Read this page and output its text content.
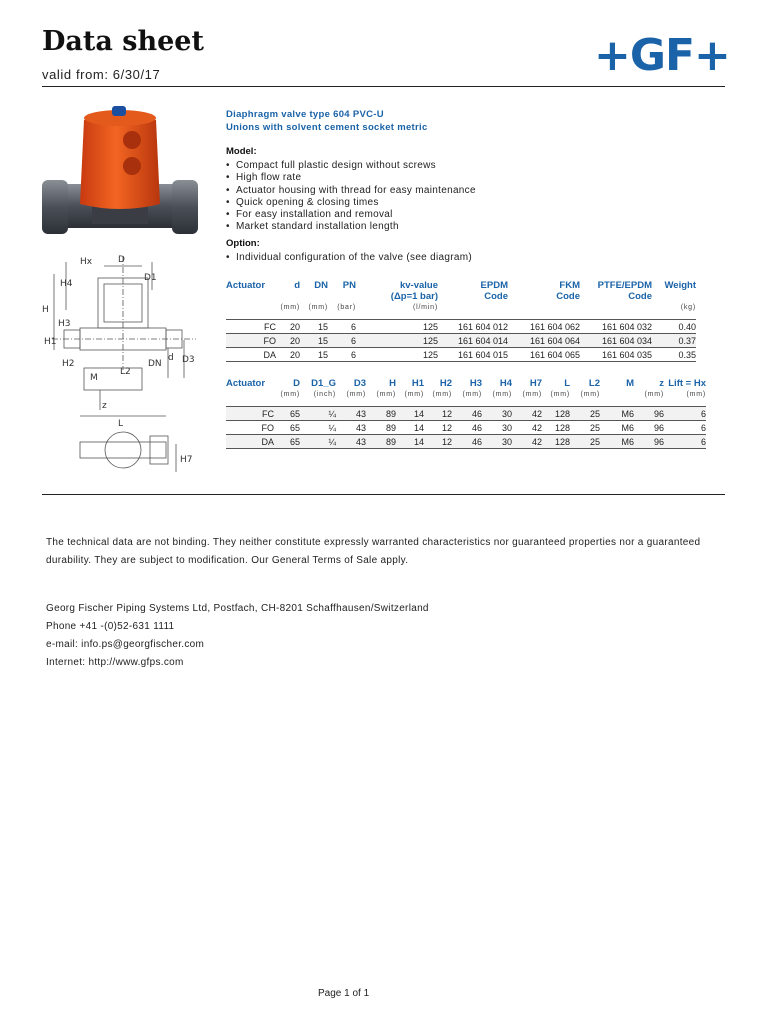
Data sheet
valid from: 6/30/17	+GF+
Hx	D
D1
H4
H
H3
H1
H2
L2
DN
d D3
M
z
L
H7
Diaphragm valve type 604 PVC-U
Unions with solvent cement socket metric
Model:
• Compact full plastic design without screws
• High flow rate
• Actuator housing with thread for easy maintenance
• Quick opening & closing times
• For easy installation and removal
• Market standard installation length
Option:
• Individual configuration of the valve (see diagram)
Actuator	d	DN	PN	kv-value	EPDM	FKM	PTFE/EPDM	Weight
				(Δp=1 bar)	Code	Code	Code	
	(mm)	(mm)	(bar)	(l/min)				(kg)

FC	20	15	6	125	161 604 012	161 604 062	161 604 032	0.40
FO	20	15	6	125	161 604 014	161 604 064	161 604 034	0.37
DA	20	15	6	125	161 604 015	161 604 065	161 604 035	0.35
Actuator	D	D1_G	D3	H	H1	H2	H3	H4	H7	L	L2	M	z	Lift = Hx
	(mm)	(inch)	(mm)	(mm)	(mm)	(mm)	(mm)	(mm)	(mm)	(mm)	(mm)		(mm)	(mm)

FC	65	¼	43	89	14	12	46	30	42	128	25	M6	96	6
FO	65	¼	43	89	14	12	46	30	42	128	25	M6	96	6
DA	65	¼	43	89	14	12	46	30	42	128	25	M6	96	6
The technical data are not binding. They neither constitute expressly warranted characteristics nor guaranteed properties nor a guaranteed durability. They are subject to modification. Our General Terms of Sale apply.
Georg Fischer Piping Systems Ltd, Postfach, CH-8201 Schaffhausen/Switzerland
Phone +41 -(0)52-631 1111
e-mail: info.ps@georgfischer.com
Internet: http://www.gfps.com
Page 1 of 1
